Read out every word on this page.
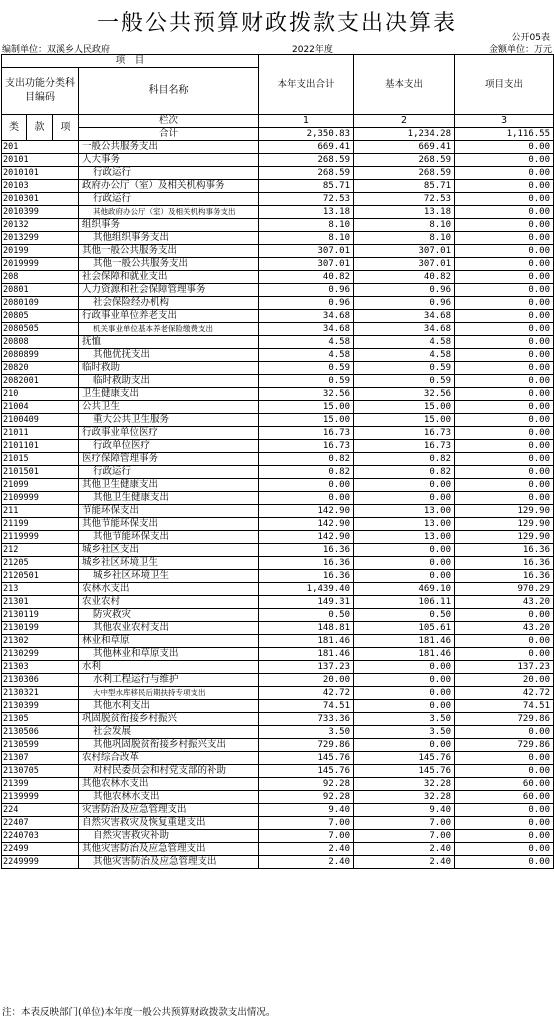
一般公共预算财政拨款支出决算表
公开05表
编制单位：双溪乡人民政府	2022年度	金额单位：万元
项　目				本年支出合计	基本支出	项目支出
支出功能分类科目编码			科目名称			

类	款	项	栏次	1	2	3
			合计	2,350.83	1,234.28	1,116.55
201			一般公共服务支出	669.41	669.41	0.00
20101			人大事务	268.59	268.59	0.00
2010101			行政运行	268.59	268.59	0.00
20103			政府办公厅（室）及相关机构事务	85.71	85.71	0.00
2010301			行政运行	72.53	72.53	0.00
2010399			其他政府办公厅（室）及相关机构事务支出	13.18	13.18	0.00
20132			组织事务	8.10	8.10	0.00
2013299			其他组织事务支出	8.10	8.10	0.00
20199			其他一般公共服务支出	307.01	307.01	0.00
2019999			其他一般公共服务支出	307.01	307.01	0.00
208			社会保障和就业支出	40.82	40.82	0.00
20801			人力资源和社会保障管理事务	0.96	0.96	0.00
2080109			社会保险经办机构	0.96	0.96	0.00
20805			行政事业单位养老支出	34.68	34.68	0.00
2080505			机关事业单位基本养老保险缴费支出	34.68	34.68	0.00
20808			抚恤	4.58	4.58	0.00
2080899			其他优抚支出	4.58	4.58	0.00
20820			临时救助	0.59	0.59	0.00
2082001			临时救助支出	0.59	0.59	0.00
210			卫生健康支出	32.56	32.56	0.00
21004			公共卫生	15.00	15.00	0.00
2100409			重大公共卫生服务	15.00	15.00	0.00
21011			行政事业单位医疗	16.73	16.73	0.00
2101101			行政单位医疗	16.73	16.73	0.00
21015			医疗保障管理事务	0.82	0.82	0.00
2101501			行政运行	0.82	0.82	0.00
21099			其他卫生健康支出	0.00	0.00	0.00
2109999			其他卫生健康支出	0.00	0.00	0.00
211			节能环保支出	142.90	13.00	129.90
21199			其他节能环保支出	142.90	13.00	129.90
2119999			其他节能环保支出	142.90	13.00	129.90
212			城乡社区支出	16.36	0.00	16.36
21205			城乡社区环境卫生	16.36	0.00	16.36
2120501			城乡社区环境卫生	16.36	0.00	16.36
213			农林水支出	1,439.40	469.10	970.29
21301			农业农村	149.31	106.11	43.20
2130119			防灾救灾	0.50	0.50	0.00
2130199			其他农业农村支出	148.81	105.61	43.20
21302			林业和草原	181.46	181.46	0.00
2130299			其他林业和草原支出	181.46	181.46	0.00
21303			水利	137.23	0.00	137.23
2130306			水利工程运行与维护	20.00	0.00	20.00
2130321			大中型水库移民后期扶持专项支出	42.72	0.00	42.72
2130399			其他水利支出	74.51	0.00	74.51
21305			巩固脱贫衔接乡村振兴	733.36	3.50	729.86
2130506			社会发展	3.50	3.50	0.00
2130599			其他巩固脱贫衔接乡村振兴支出	729.86	0.00	729.86
21307			农村综合改革	145.76	145.76	0.00
2130705			对村民委员会和村党支部的补助	145.76	145.76	0.00
21399			其他农林水支出	92.28	32.28	60.00
2139999			其他农林水支出	92.28	32.28	60.00
224			灾害防治及应急管理支出	9.40	9.40	0.00
22407			自然灾害救灾及恢复重建支出	7.00	7.00	0.00
2240703			自然灾害救灾补助	7.00	7.00	0.00
22499			其他灾害防治及应急管理支出	2.40	2.40	0.00
2249999			其他灾害防治及应急管理支出	2.40	2.40	0.00
注：本表反映部门(单位)本年度一般公共预算财政拨款支出情况。
